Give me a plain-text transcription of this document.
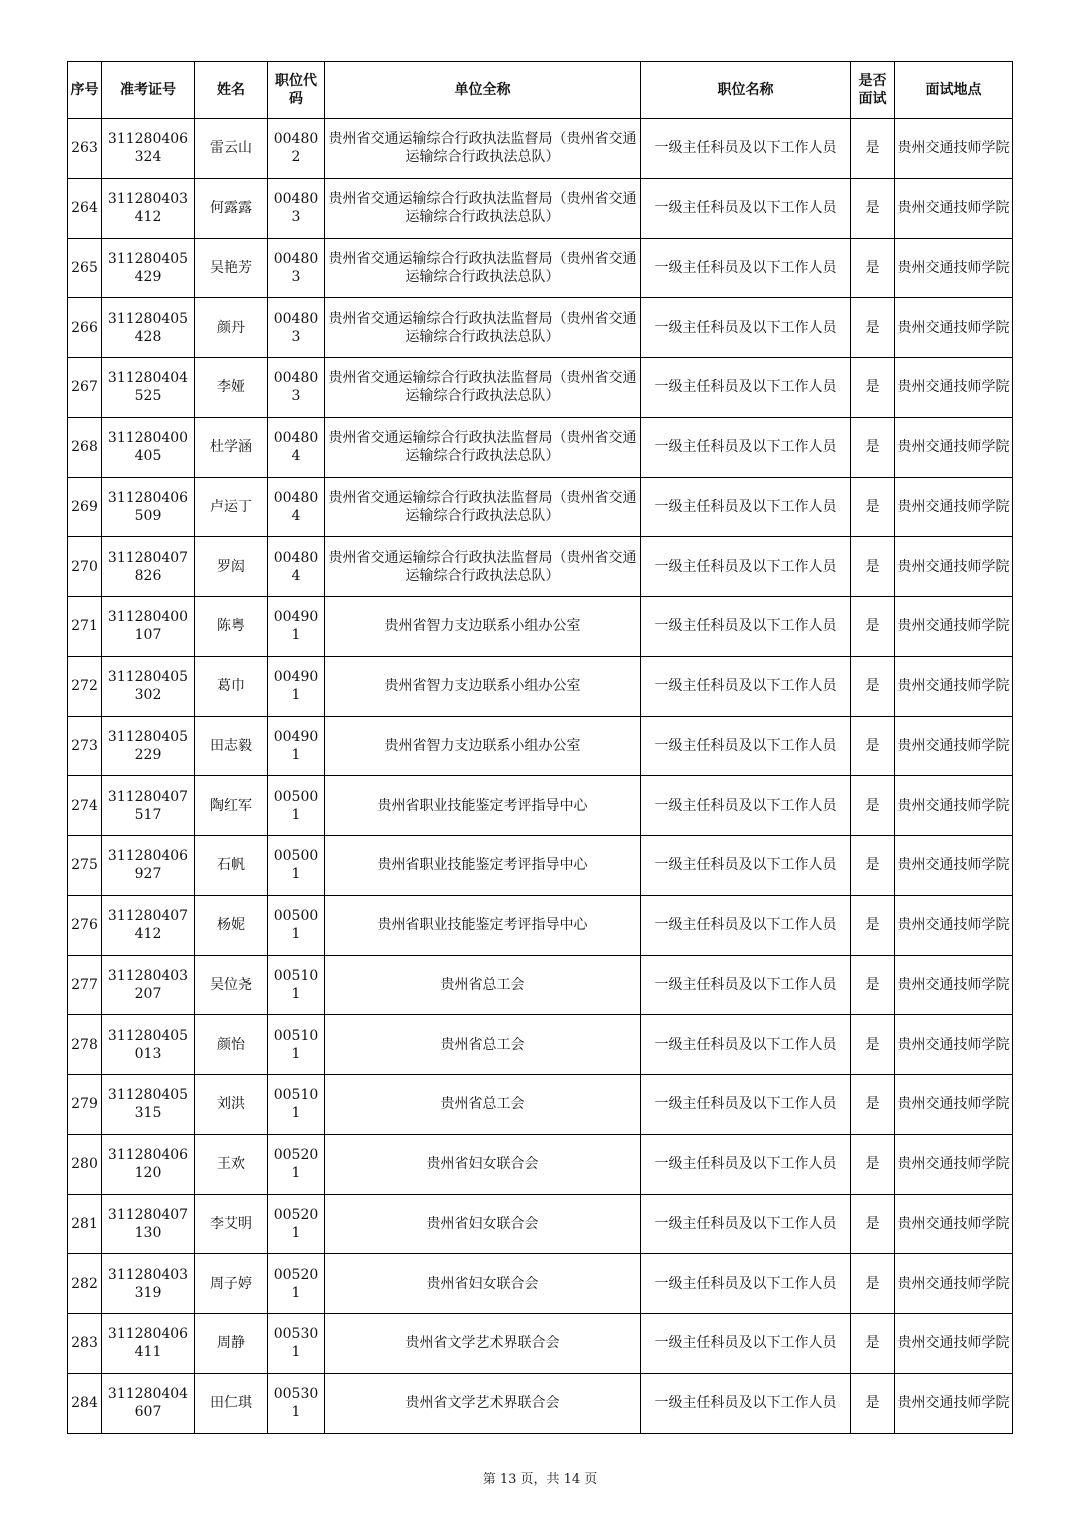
序号	准考证号	姓名	职位代码	单位全称	职位名称	是否面试	面试地点
263	311280406324	雷云山	004802	贵州省交通运输综合行政执法监督局（贵州省交通运输综合行政执法总队）	一级主任科员及以下工作人员	是	贵州交通技师学院
264	311280403412	何露露	004803	贵州省交通运输综合行政执法监督局（贵州省交通运输综合行政执法总队）	一级主任科员及以下工作人员	是	贵州交通技师学院
265	311280405429	吴艳芳	004803	贵州省交通运输综合行政执法监督局（贵州省交通运输综合行政执法总队）	一级主任科员及以下工作人员	是	贵州交通技师学院
266	311280405428	颜丹	004803	贵州省交通运输综合行政执法监督局（贵州省交通运输综合行政执法总队）	一级主任科员及以下工作人员	是	贵州交通技师学院
267	311280404525	李娅	004803	贵州省交通运输综合行政执法监督局（贵州省交通运输综合行政执法总队）	一级主任科员及以下工作人员	是	贵州交通技师学院
268	311280400405	杜学涵	004804	贵州省交通运输综合行政执法监督局（贵州省交通运输综合行政执法总队）	一级主任科员及以下工作人员	是	贵州交通技师学院
269	311280406509	卢运丁	004804	贵州省交通运输综合行政执法监督局（贵州省交通运输综合行政执法总队）	一级主任科员及以下工作人员	是	贵州交通技师学院
270	311280407826	罗闳	004804	贵州省交通运输综合行政执法监督局（贵州省交通运输综合行政执法总队）	一级主任科员及以下工作人员	是	贵州交通技师学院
271	311280400107	陈粤	004901	贵州省智力支边联系小组办公室	一级主任科员及以下工作人员	是	贵州交通技师学院
272	311280405302	葛巾	004901	贵州省智力支边联系小组办公室	一级主任科员及以下工作人员	是	贵州交通技师学院
273	311280405229	田志毅	004901	贵州省智力支边联系小组办公室	一级主任科员及以下工作人员	是	贵州交通技师学院
274	311280407517	陶红军	005001	贵州省职业技能鉴定考评指导中心	一级主任科员及以下工作人员	是	贵州交通技师学院
275	311280406927	石帆	005001	贵州省职业技能鉴定考评指导中心	一级主任科员及以下工作人员	是	贵州交通技师学院
276	311280407412	杨妮	005001	贵州省职业技能鉴定考评指导中心	一级主任科员及以下工作人员	是	贵州交通技师学院
277	311280403207	吴位尧	005101	贵州省总工会	一级主任科员及以下工作人员	是	贵州交通技师学院
278	311280405013	颜怡	005101	贵州省总工会	一级主任科员及以下工作人员	是	贵州交通技师学院
279	311280405315	刘洪	005101	贵州省总工会	一级主任科员及以下工作人员	是	贵州交通技师学院
280	311280406120	王欢	005201	贵州省妇女联合会	一级主任科员及以下工作人员	是	贵州交通技师学院
281	311280407130	李艾明	005201	贵州省妇女联合会	一级主任科员及以下工作人员	是	贵州交通技师学院
282	311280403319	周子婷	005201	贵州省妇女联合会	一级主任科员及以下工作人员	是	贵州交通技师学院
283	311280406411	周静	005301	贵州省文学艺术界联合会	一级主任科员及以下工作人员	是	贵州交通技师学院
284	311280404607	田仁琪	005301	贵州省文学艺术界联合会	一级主任科员及以下工作人员	是	贵州交通技师学院
第 13 页，共 14 页
